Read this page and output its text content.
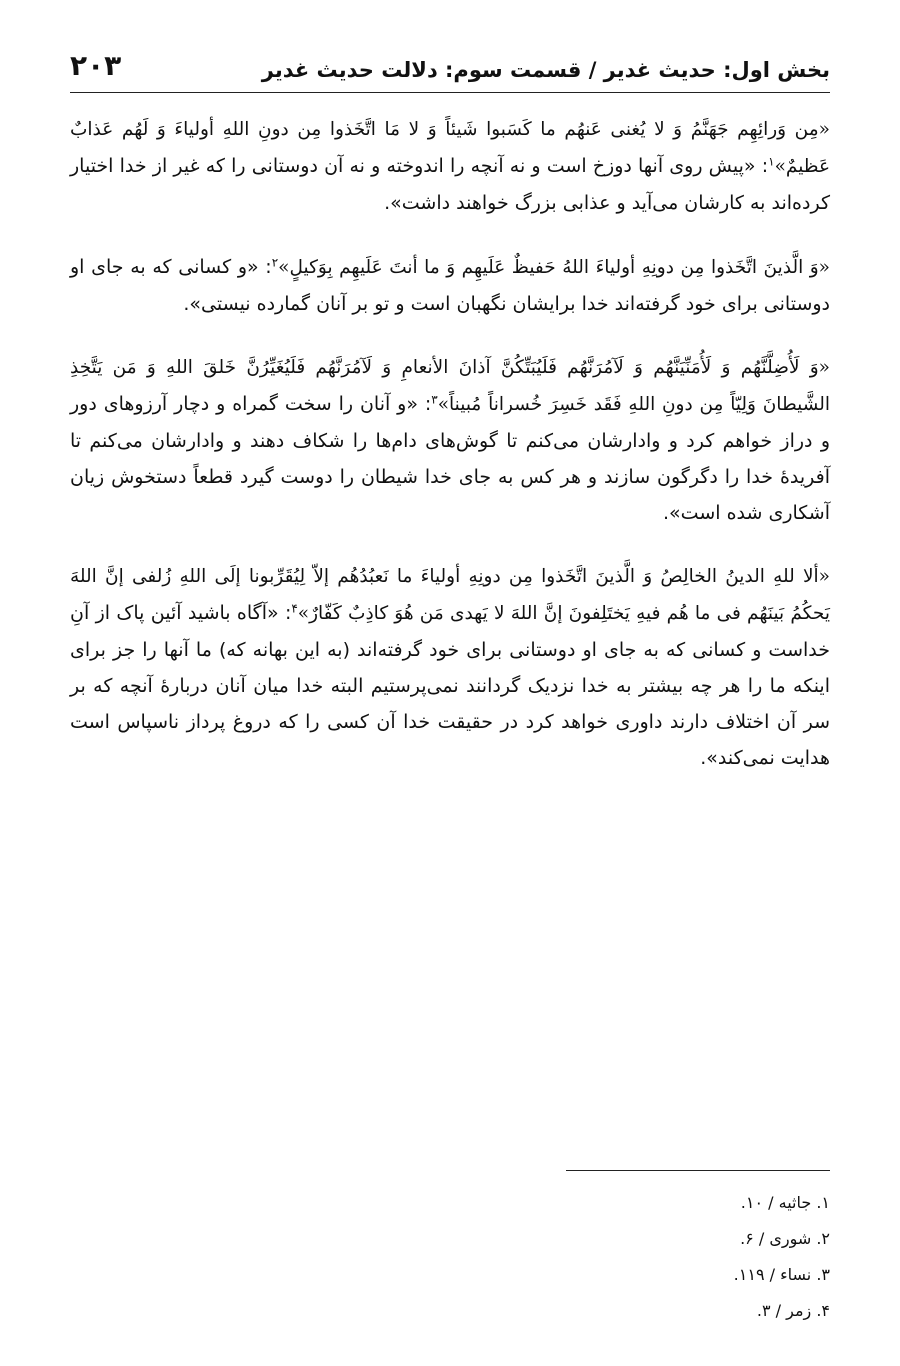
بخش اول: حدیث غدیر / قسمت سوم: دلالت حدیث غدیر
۲۰۳

«مِن وَرائِهِم جَهَنَّمُ وَ لا یُغنی عَنهُم ما کَسَبوا شَیئاً وَ لا مَا اتَّخَذوا مِن دونِ اللهِ أولیاءَ وَ لَهُم عَذابٌ عَظیمٌ»$^۱$: «پیش روی آنها دوزخ است و نه آنچه را اندوخته و نه آن دوستانی را که غیر از خدا اختیار کرده‌اند به کارشان می‌آید و عذابی بزرگ خواهند داشت».

«وَ الَّذینَ اتَّخَذوا مِن دونِهِ أولیاءَ اللهُ حَفیظٌ عَلَیهِم وَ ما أنتَ عَلَیهِم بِوَکیلٍ»$^۲$: «و کسانی که به جای او دوستانی برای خود گرفته‌اند خدا برایشان نگهبان است و تو بر آنان گمارده نیستی».

«وَ لَأُضِلَّنَّهُم وَ لَأُمَنِّیَنَّهُم وَ لَآمُرَنَّهُم فَلَیُبَتِّکُنَّ آذانَ الأنعامِ وَ لَآمُرَنَّهُم فَلَیُغَیِّرُنَّ خَلقَ اللهِ وَ مَن یَتَّخِذِ الشَّیطانَ وَلِیّاً مِن دونِ اللهِ فَقَد خَسِرَ خُسراناً مُبیناً»$^۳$: «و آنان را سخت گمراه و دچار آرزوهای دور و دراز خواهم کرد و وادارشان می‌کنم تا گوش‌های دام‌ها را شکاف دهند و وادارشان می‌کنم تا آفریدهٔ خدا را دگرگون سازند و هر کس به جای خدا شیطان را دوست گیرد قطعاً دستخوش زیان آشکاری شده است».

«ألا للهِ الدینُ الخالِصُ وَ الَّذینَ اتَّخَذوا مِن دونِهِ أولیاءَ ما نَعبُدُهُم إلاّ لِیُقَرِّبونا إلَی اللهِ زُلفی إنَّ اللهَ یَحکُمُ بَینَهُم فی ما هُم فیهِ یَختَلِفونَ إنَّ اللهَ لا یَهدی مَن هُوَ کاذِبٌ کَفّارٌ»$^۴$: «آگاه باشید آئین پاک از آنِ خداست و کسانی که به جای او دوستانی برای خود گرفته‌اند (به این بهانه که) ما آنها را جز برای اینکه ما را هر چه بیشتر به خدا نزدیک گردانند نمی‌پرستیم البته خدا میان آنان دربارهٔ آنچه که بر سر آن اختلاف دارند داوری خواهد کرد در حقیقت خدا آن کسی را که دروغ پرداز ناسپاس است هدایت نمی‌کند».

۱. جاثیه / ۱۰.
۲. شوری / ۶.
۳. نساء / ۱۱۹.
۴. زمر / ۳.
